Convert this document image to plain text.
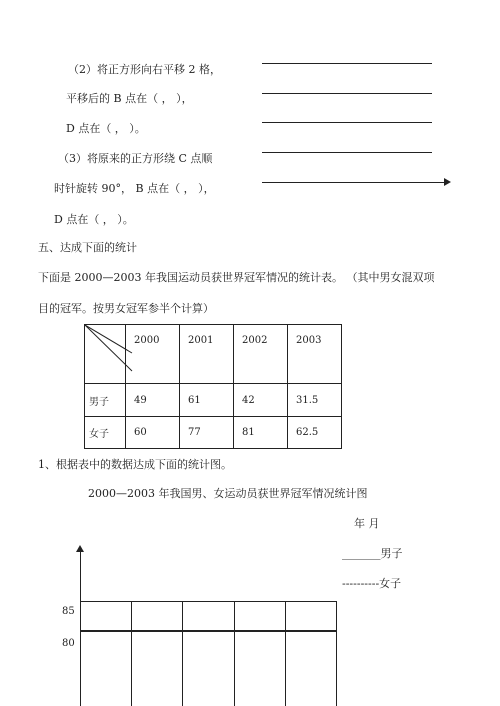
（2）将正方形向右平移 2 格，
平移后的 B 点在（ ， ），
D 点在（ ， ）。
（3）将原来的正方形绕 C 点顺
时针旋转 90°， B 点在（ ， ），
D 点在（ ， ）。
五、达成下面的统计
下面是 2000—2003 年我国运动员获世界冠军情况的统计表。 （其中男女混双项
目的冠军。按男女冠军参半个计算）
	2000	2001	2002	2003
男子	49	61	42	31.5
女子	60	77	81	62.5
1、根据表中的数据达成下面的统计图。
2000—2003 年我国男、女运动员获世界冠军情况统计图
年 月
_______男子
----------女子
85
80
